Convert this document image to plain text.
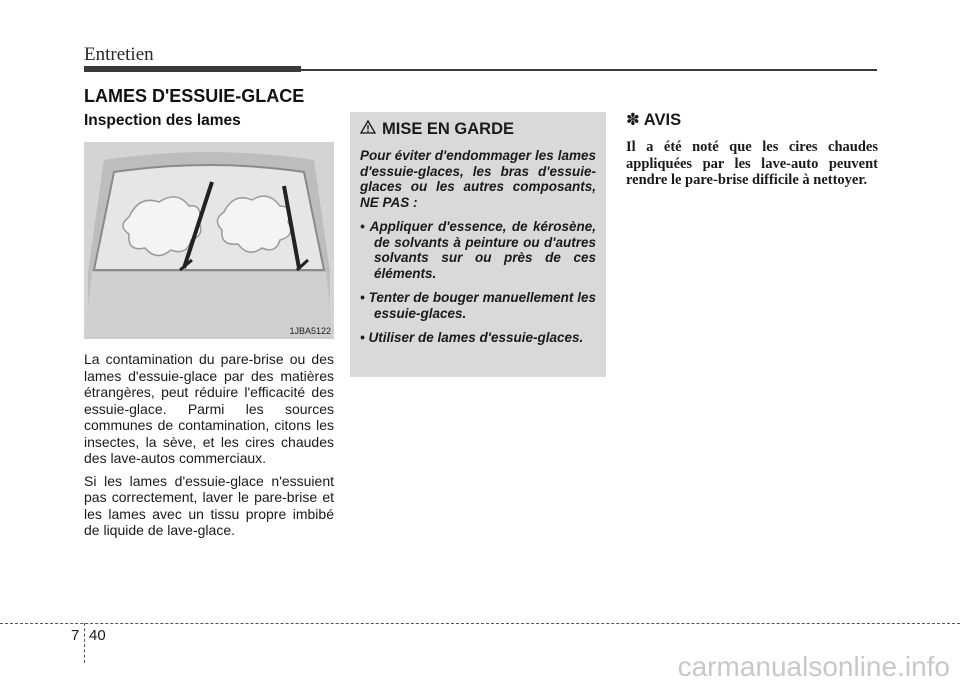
Entretien
LAMES D'ESSUIE-GLACE
Inspection des lames
1JBA5122

La contamination du pare-brise ou des lames d'essuie-glace par des matières étrangères, peut réduire l'efficacité des essuie-glace. Parmi les sources communes de contamination, citons les insectes, la sève, et les cires chaudes des lave-autos commerciaux.

Si les lames d'essuie-glace n'essuient pas correctement, laver le pare-brise et les lames avec un tissu propre imbibé de liquide de lave-glace.

MISE EN GARDE

Pour éviter d'endommager les lames d'essuie-glaces, les bras d'essuie-glaces ou les autres composants, NE PAS :

• Appliquer d'essence, de kérosène, de solvants à peinture ou d'autres solvants sur ou près de ces éléments.
• Tenter de bouger manuellement les essuie-glaces.
• Utiliser de lames d'essuie-glaces.
✽ AVIS

Il a été noté que les cires chaudes appliquées par les lave-auto peuvent rendre le pare-brise difficile à nettoyer.

7 40
carmanualsonline.info
